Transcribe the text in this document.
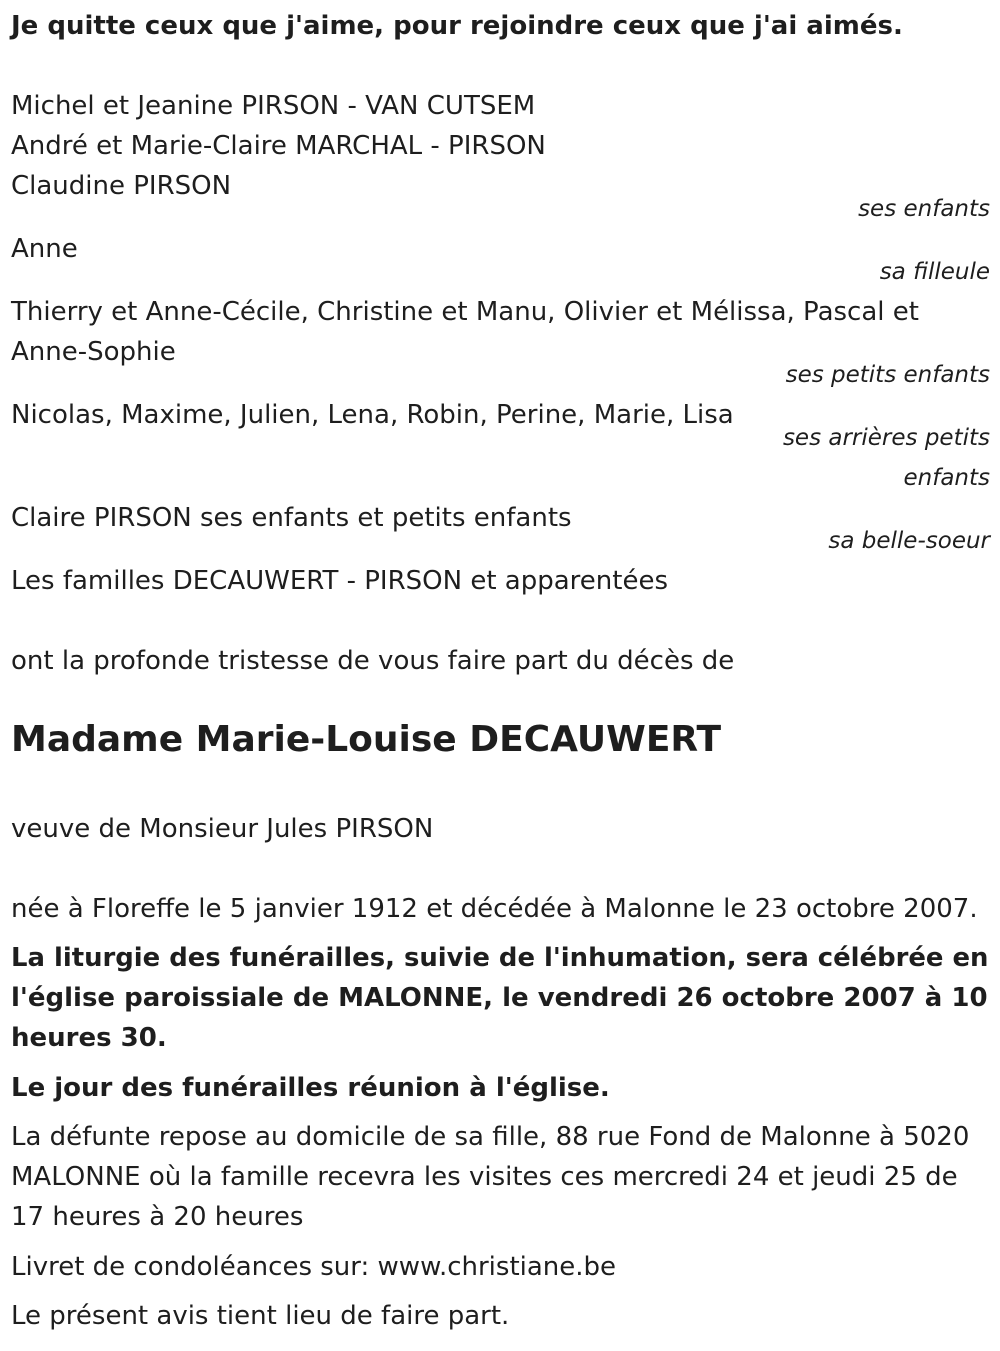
Je quitte ceux que j'aime, pour rejoindre ceux que j'ai aimés.

Michel et Jeanine PIRSON - VAN CUTSEM

André et Marie-Claire MARCHAL - PIRSON

Claudine PIRSON

ses enfants

Anne

sa filleule

Thierry et Anne-Cécile, Christine et Manu, Olivier et Mélissa, Pascal et

Anne-Sophie

ses petits enfants

Nicolas, Maxime, Julien, Lena, Robin, Perine, Marie, Lisa

ses arrières petits

enfants

Claire PIRSON ses enfants et petits enfants

sa belle-soeur

Les familles DECAUWERT - PIRSON et apparentées

ont la profonde tristesse de vous faire part du décès de

Madame Marie-Louise DECAUWERT

veuve de Monsieur Jules PIRSON

née à Floreffe le 5 janvier 1912 et décédée à Malonne le 23 octobre 2007.

La liturgie des funérailles, suivie de l'inhumation, sera célébrée en

l'église paroissiale de MALONNE, le vendredi 26 octobre 2007 à 10

heures 30.

Le jour des funérailles réunion à l'église.

La défunte repose au domicile de sa fille, 88 rue Fond de Malonne à 5020

MALONNE où la famille recevra les visites ces mercredi 24 et jeudi 25 de

17 heures à 20 heures

Livret de condoléances sur: www.christiane.be

Le présent avis tient lieu de faire part.
